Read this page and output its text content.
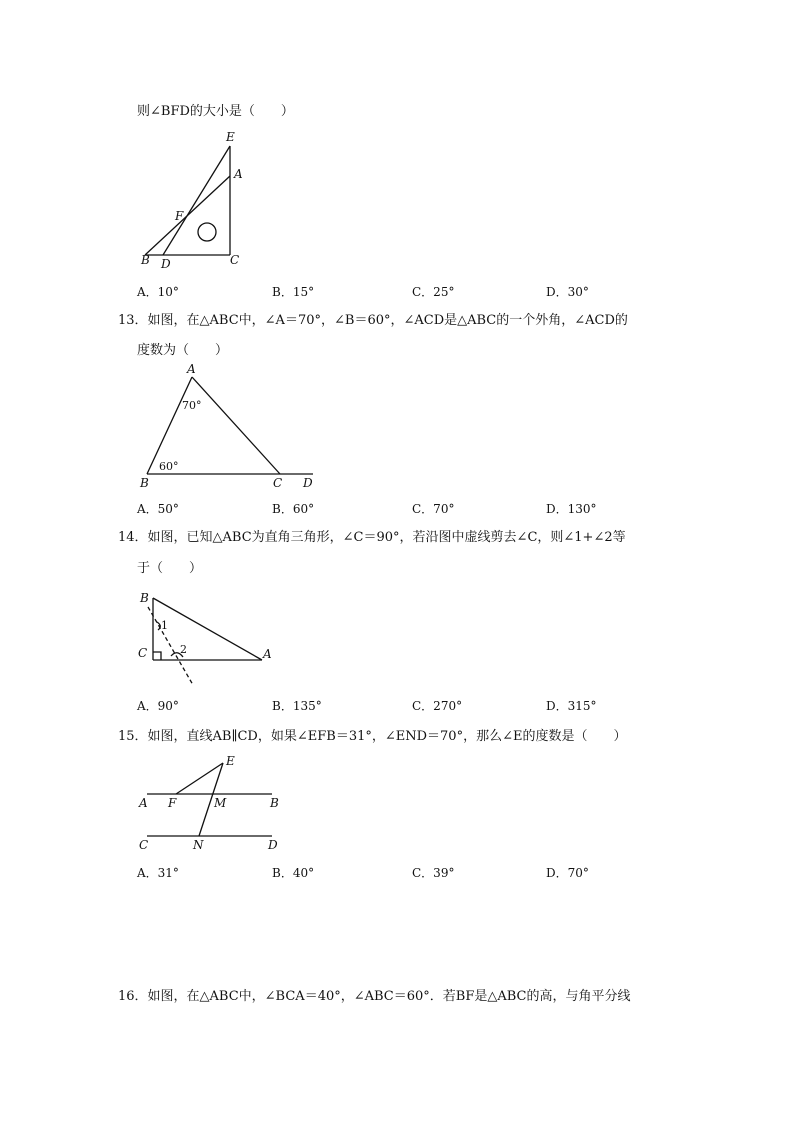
则∠BFD的大小是（　　）
E
A
F
B D	C
A．10°	B．15°	C．25°	D．30°
13．如图，在△ABC中，∠A＝70°，∠B＝60°，∠ACD是△ABC的一个外角，∠ACD的
度数为（　　）
A
70°
60°
B	C D
A．50°	B．60°	C．70°	D．130°
14．如图，已知△ABC为直角三角形，∠C＝90°，若沿图中虚线剪去∠C，则∠1+∠2等
于（　　）
B
1
2
C	A
A．90°	B．135°	C．270°	D．315°
15．如图，直线AB∥CD，如果∠EFB＝31°，∠END＝70°，那么∠E的度数是（　　）
E
A F	M	B
C	N	D
A．31°	B．40°	C．39°	D．70°
16．如图，在△ABC中，∠BCA＝40°，∠ABC＝60°．若BF是△ABC的高，与角平分线
